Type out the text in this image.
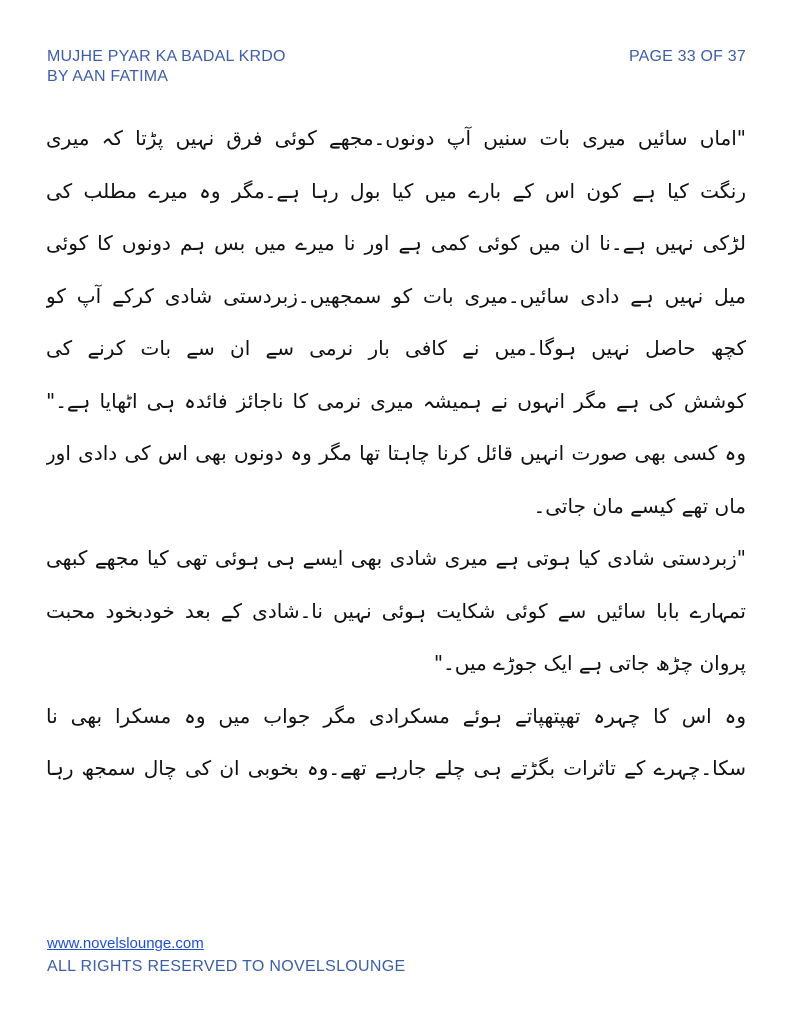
MUJHE PYAR KA BADAL KRDO
BY AAN FATIMA
PAGE 33 OF 37
"اماں سائیں میری بات سنیں آپ دونوں۔مجھے کوئی فرق نہیں پڑتا کہ میری
رنگت کیا ہے کون اس کے بارے میں کیا بول رہا ہے۔مگر وہ میرے مطلب کی
لڑکی نہیں ہے۔نا ان میں کوئی کمی ہے اور نا میرے میں بس ہم دونوں کا کوئی
میل نہیں ہے دادی سائیں۔میری بات کو سمجھیں۔زبردستی شادی کرکے آپ کو
کچھ حاصل نہیں ہوگا۔میں نے کافی بار نرمی سے ان سے بات کرنے کی
کوشش کی ہے مگر انہوں نے ہمیشہ میری نرمی کا ناجائز فائدہ ہی اٹھایا ہے۔"
وہ کسی بھی صورت انہیں قائل کرنا چاہتا تھا مگر وہ دونوں بھی اس کی دادی اور
ماں تھے کیسے مان جاتی۔
"زبردستی شادی کیا ہوتی ہے میری شادی بھی ایسے ہی ہوئی تھی کیا مجھے کبھی
تمہارے بابا سائیں سے کوئی شکایت ہوئی نہیں نا۔شادی کے بعد خودبخود محبت
پروان چڑھ جاتی ہے ایک جوڑے میں۔"
وہ اس کا چہرہ تھپتھپاتے ہوئے مسکرادی مگر جواب میں وہ مسکرا بھی نا
سکا۔چہرے کے تاثرات بگڑتے ہی چلے جارہے تھے۔وہ بخوبی ان کی چال سمجھ رہا
www.novelslounge.com
ALL RIGHTS RESERVED TO NOVELSLOUNGE
